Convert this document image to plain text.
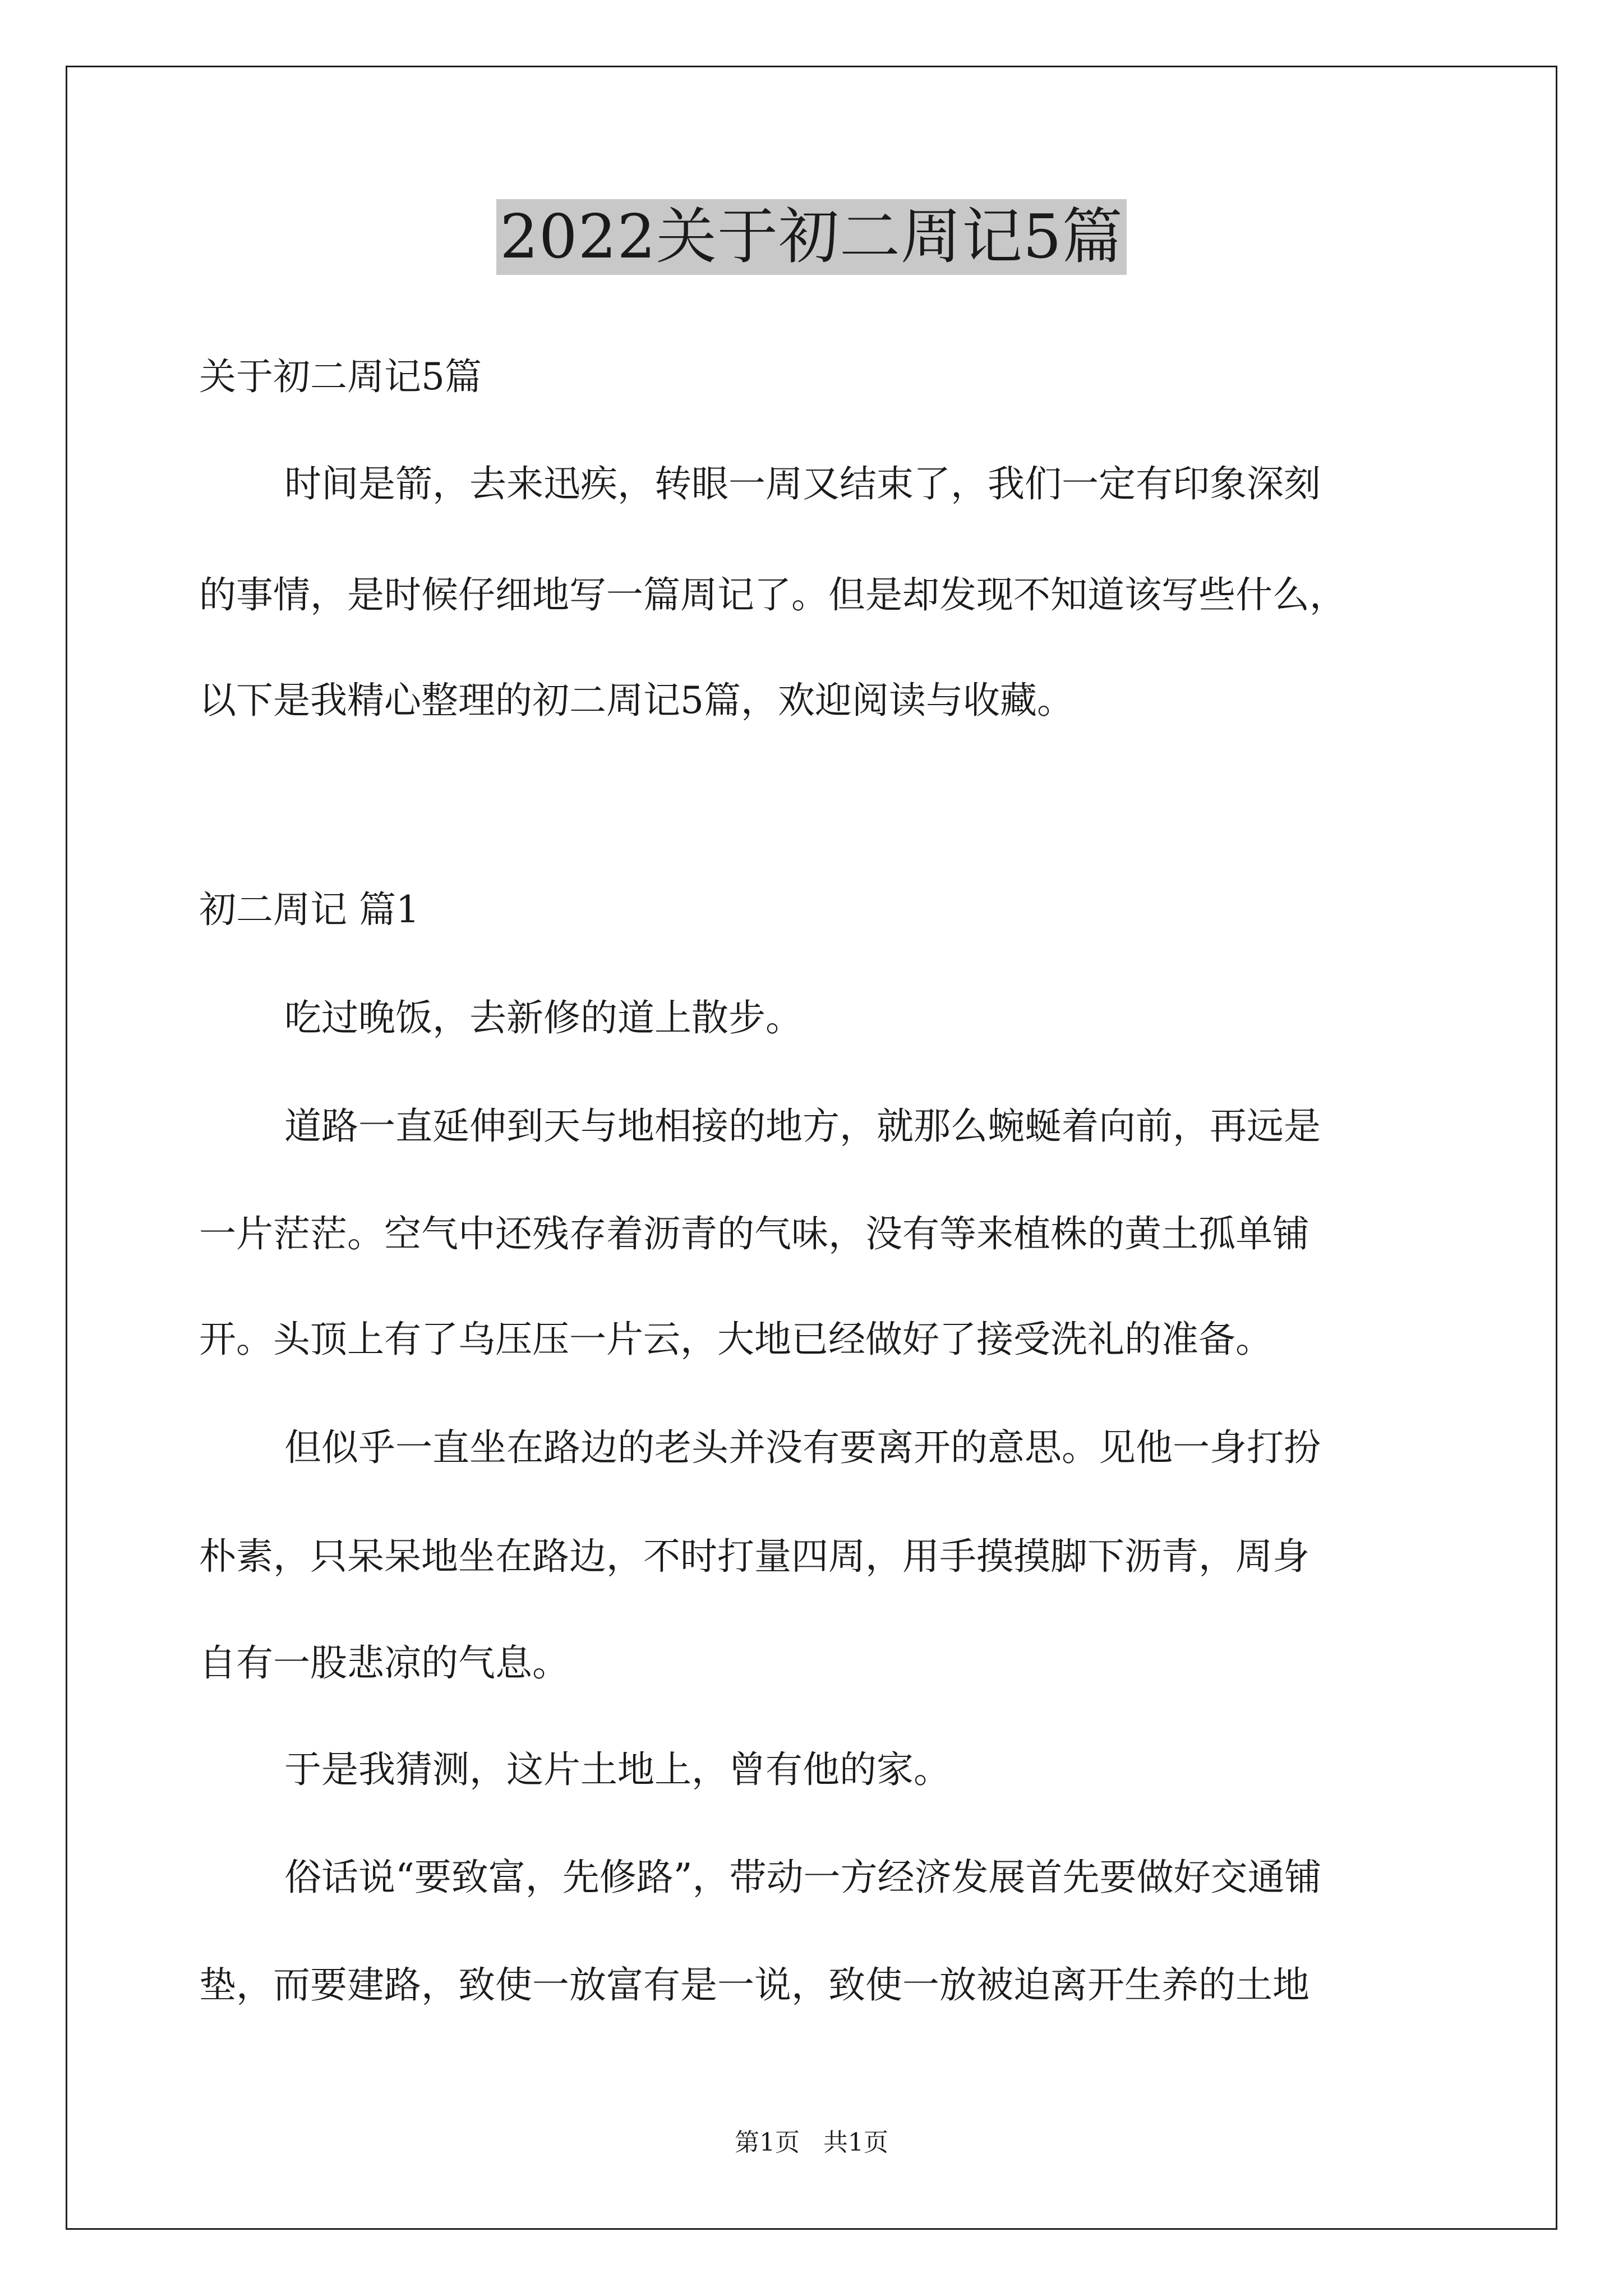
2022关于初二周记5篇
关于初二周记5篇
时间是箭，去来迅疾，转眼一周又结束了，我们一定有印象深刻
的事情，是时候仔细地写一篇周记了。但是却发现不知道该写些什么，
以下是我精心整理的初二周记5篇，欢迎阅读与收藏。
初二周记 篇1
吃过晚饭，去新修的道上散步。
道路一直延伸到天与地相接的地方，就那么蜿蜒着向前，再远是
一片茫茫。空气中还残存着沥青的气味，没有等来植株的黄土孤单铺
开。头顶上有了乌压压一片云，大地已经做好了接受洗礼的准备。
但似乎一直坐在路边的老头并没有要离开的意思。见他一身打扮
朴素，只呆呆地坐在路边，不时打量四周，用手摸摸脚下沥青，周身
自有一股悲凉的气息。
于是我猜测，这片土地上，曾有他的家。
俗话说“要致富，先修路”，带动一方经济发展首先要做好交通铺
垫，而要建路，致使一放富有是一说，致使一放被迫离开生养的土地
第1页 共1页
